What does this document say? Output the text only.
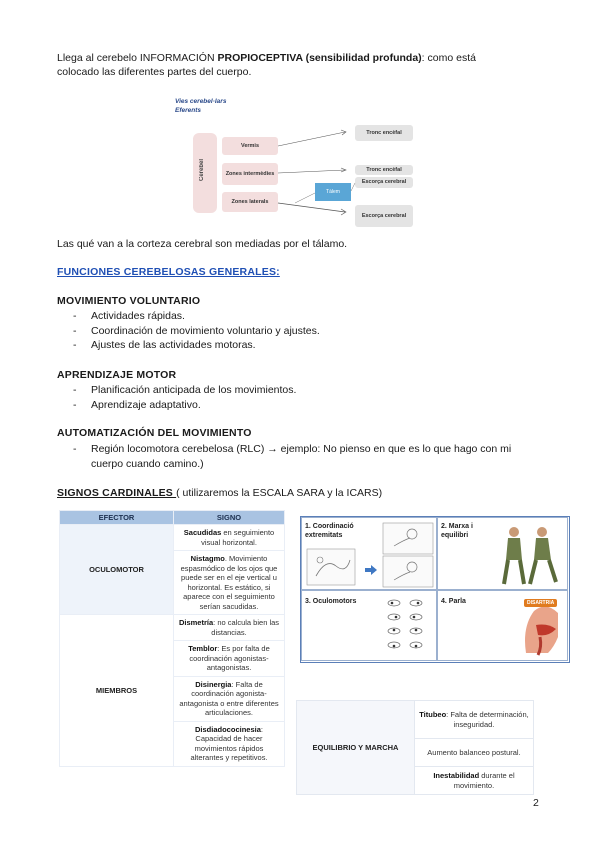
Llega al cerebelo INFORMACIÓN PROPIOCEPTIVA (sensibilidad profunda): como está
colocado las diferentes partes del cuerpo.
Vies cerebel·lars
Eferents
Cerebel
Vermis
Zones intermèdies
Zones laterals
Tàlem
Tronc encèfal
Tronc encèfal
Escorça cerebral
Escorça cerebral
Las qué van a la corteza cerebral son mediadas por el tálamo.
FUNCIONES CEREBELOSAS GENERALES:
MOVIMIENTO VOLUNTARIO
- Actividades rápidas.
- Coordinación de movimiento voluntario y ajustes.
- Ajustes de las actividades motoras.
APRENDIZAJE MOTOR
- Planificación anticipada de los movimientos.
- Aprendizaje adaptativo.
AUTOMATIZACIÓN DEL MOVIMIENTO
- Región locomotora cerebelosa (RLC) → ejemplo: No pienso en que es lo que hago con mi
cuerpo cuando camino.)
SIGNOS CARDINALES ( utilizaremos la ESCALA SARA y la ICARS)
EFECTOR	SIGNO
OCULOMOTOR	Sacudidas en seguimiento visual horizontal.
	Nistagmo. Movimiento espasmódico de los ojos que puede ser en el eje vertical u horizontal. Es estático, si aparece con el seguimiento serían sacudidas.
MIEMBROS	Dismetría: no calcula bien las distancias.
	Temblor: Es por falta de coordinación agonistas-antagonistas.
	Disinergia: Falta de coordinación agonista-antagonista o entre diferentes articulaciones.
	Disdiadococinesia: Capacidad de hacer movimientos rápidos alterantes y repetitivos.
1. Coordinació extremitats
2. Marxa i equilibri
3. Oculomotors	4. Parla	DISARTRIA
EQUILIBRIO Y MARCHA	Titubeo: Falta de determinación, inseguridad.
Aumento balanceo postural.
Inestabilidad durante el movimiento.
2
